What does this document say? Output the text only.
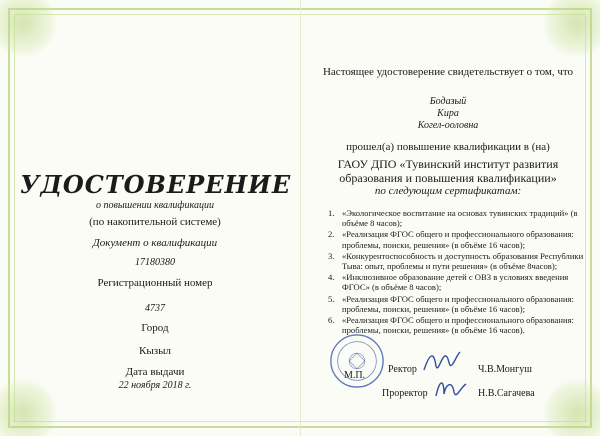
УДОСТОВЕРЕНИЕ
о повышении квалификации
(по накопительной системе)
Документ о квалификации
17180380
Регистрационный номер
4737
Город
Кызыл
Дата выдачи
22 ноября 2018 г.
Настоящее удостоверение свидетельствует о том, что
Бодазый
Кира
Когел-ооловна
прошел(а) повышение квалификации в (на)
ГАОУ ДПО «Тувинский институт развития
образования и повышения квалификации»
по следующим сертификатам:
1. «Экологическое воспитание на основах тувинских традиций» (в объёме 8 часов);
2. «Реализация ФГОС общего и профессионального образования: проблемы, поиски, решения» (в объёме 16 часов);
3. «Конкурентоспособность и доступность образования Республики Тыва: опыт, проблемы и пути решения» (в объёме 8часов);
4. «Инклюзивное образование детей с ОВЗ в условиях введения ФГОС» (в объёме 8 часов);
5. «Реализация ФГОС общего и профессионального образования: проблемы, поиски, решения» (в объёме 16 часов);
6. «Реализация ФГОС общего и профессионального образования: проблемы, поиски, решения» (в объёме 16 часов).
М.П.
Ректор	Ч.В.Монгуш
Проректор	Н.В.Сагачева
